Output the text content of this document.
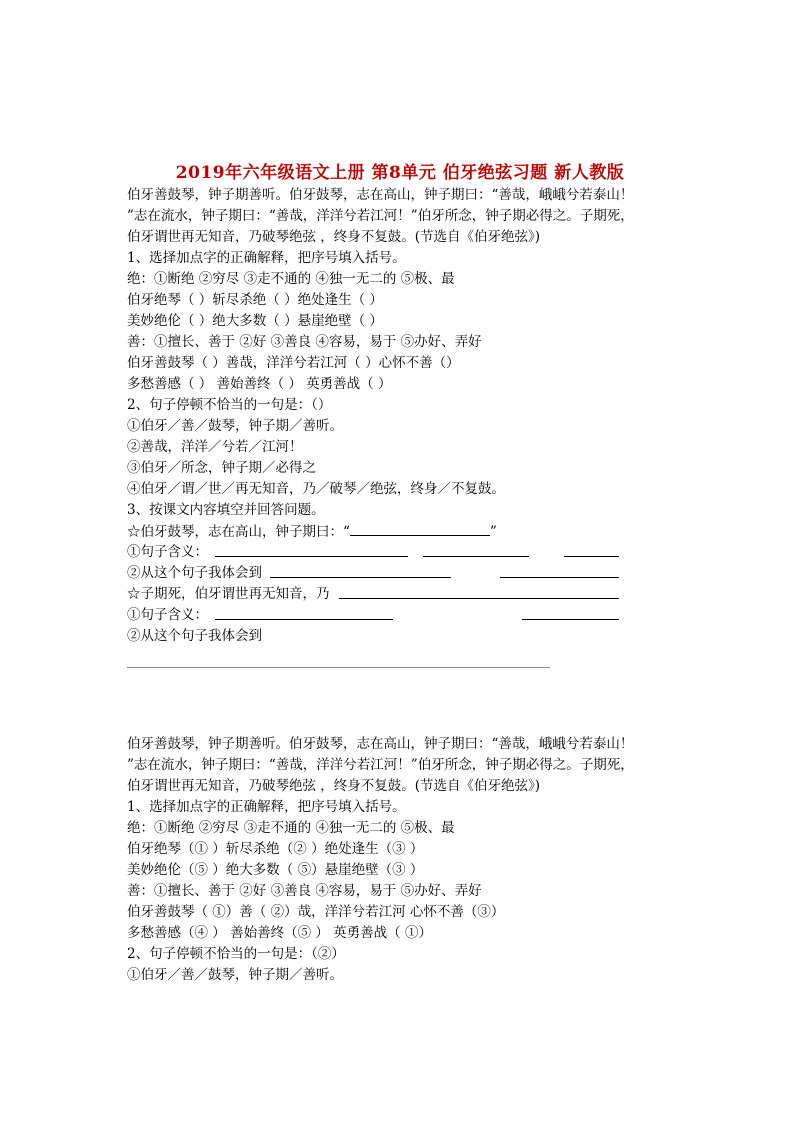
2019年六年级语文上册 第8单元 伯牙绝弦习题 新人教版
伯牙善鼓琴，钟子期善听。伯牙鼓琴，志在高山，钟子期曰：“善哉，峨峨兮若泰山！
”志在流水，钟子期曰：“善哉，洋洋兮若江河！”伯牙所念，钟子期必得之。子期死，
伯牙谓世再无知音，乃破琴绝弦 ，终身不复鼓。(节选自《伯牙绝弦》)
1、选择加点字的正确解释，把序号填入括号。
绝：①断绝 ②穷尽 ③走不通的 ④独一无二的 ⑤极、最
伯牙绝琴（ ）斩尽杀绝（ ）绝处逢生（ ）
美妙绝伦（ ）绝大多数（ ）悬崖绝壁（ ）
善：①擅长、善于 ②好 ③善良 ④容易，易于 ⑤办好、弄好
伯牙善鼓琴（ ）善哉，洋洋兮若江河（ ）心怀不善（）
多愁善感（ ） 善始善终（ ） 英勇善战（ ）
2、句子停顿不恰当的一句是：（）
①伯牙／善／鼓琴，钟子期／善听。
②善哉，洋洋／兮若／江河！
③伯牙／所念，钟子期／必得之
④伯牙／谓／世／再无知音，乃／破琴／绝弦，终身／不复鼓。
3、按课文内容填空并回答问题。
☆伯牙鼓琴，志在高山，钟子期曰：“	”
①句子含义：
②从这个句子我体会到
☆子期死，伯牙谓世再无知音，乃
①句子含义：
②从这个句子我体会到
伯牙善鼓琴，钟子期善听。伯牙鼓琴，志在高山，钟子期曰：“善哉，峨峨兮若泰山！
”志在流水，钟子期曰：“善哉，洋洋兮若江河！”伯牙所念，钟子期必得之。子期死，
伯牙谓世再无知音，乃破琴绝弦 ，终身不复鼓。(节选自《伯牙绝弦》)
1、选择加点字的正确解释，把序号填入括号。
绝：①断绝 ②穷尽 ③走不通的 ④独一无二的 ⑤极、最
伯牙绝琴（① ）斩尽杀绝（② ）绝处逢生（③ ）
美妙绝伦（⑤ ）绝大多数（ ⑤）悬崖绝壁（③ ）
善：①擅长、善于 ②好 ③善良 ④容易，易于 ⑤办好、弄好
伯牙善鼓琴（ ①）善（ ②）哉，洋洋兮若江河 心怀不善（③）
多愁善感（④ ） 善始善终（⑤ ） 英勇善战（ ①）
2、句子停顿不恰当的一句是：（②）
①伯牙／善／鼓琴，钟子期／善听。
